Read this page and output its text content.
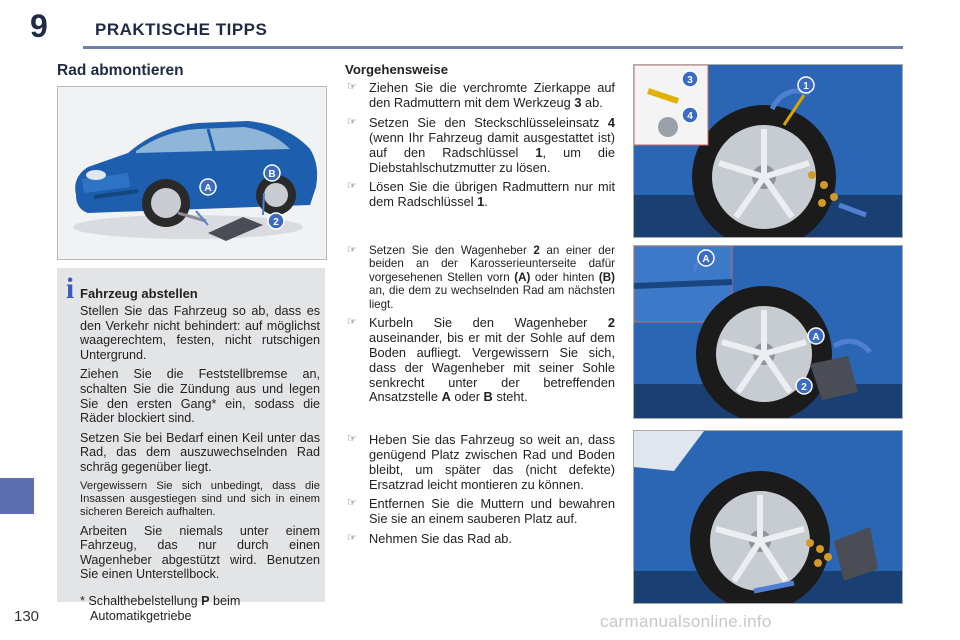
9	PRAKTISCHE TIPPS
130	carmanualsonline.info
Rad abmontieren
A
B
2
i Fahrzeug abstellen

Stellen Sie das Fahrzeug so ab, dass es den Verkehr nicht behindert: auf möglichst waagerechtem, festen, nicht rutschigen Untergrund.

Ziehen Sie die Feststellbremse an, schalten Sie die Zündung aus und legen Sie den ersten Gang* ein, sodass die Räder blockiert sind.

Setzen Sie bei Bedarf einen Keil unter das Rad, das dem auszuwechselnden Rad schräg gegenüber liegt.

Vergewissern Sie sich unbedingt, dass die Insassen ausgestiegen sind und sich in einem sicheren Bereich aufhalten.

Arbeiten Sie niemals unter einem Fahrzeug, das nur durch einen Wagenheber abgestützt wird. Benutzen Sie einen Unterstellbock.

* Schalthebelstellung P beim Automatikgetriebe
Vorgehensweise
☞ Ziehen Sie die verchromte Zierkappe auf den Radmuttern mit dem Werkzeug 3 ab.
☞ Setzen Sie den Steckschlüsseleinsatz 4 (wenn Ihr Fahrzeug damit ausgestattet ist) auf den Radschlüssel 1, um die Diebstahlschutzmutter zu lösen.
☞ Lösen Sie die übrigen Radmuttern nur mit dem Radschlüssel 1.
☞ Setzen Sie den Wagenheber 2 an einer der beiden an der Karosserieunterseite dafür vorgesehenen Stellen vorn (A) oder hinten (B) an, die dem zu wechselnden Rad am nächsten liegt.
☞ Kurbeln Sie den Wagenheber 2 auseinander, bis er mit der Sohle auf dem Boden aufliegt. Vergewissern Sie sich, dass der Wagenheber mit seiner Sohle senkrecht unter der betreffenden Ansatzstelle A oder B steht.
☞ Heben Sie das Fahrzeug so weit an, dass genügend Platz zwischen Rad und Boden bleibt, um später das (nicht defekte) Ersatzrad leicht montieren zu können.
☞ Entfernen Sie die Muttern und bewahren Sie sie an einem sauberen Platz auf.
☞ Nehmen Sie das Rad ab.
3
4
1
A
A
2
